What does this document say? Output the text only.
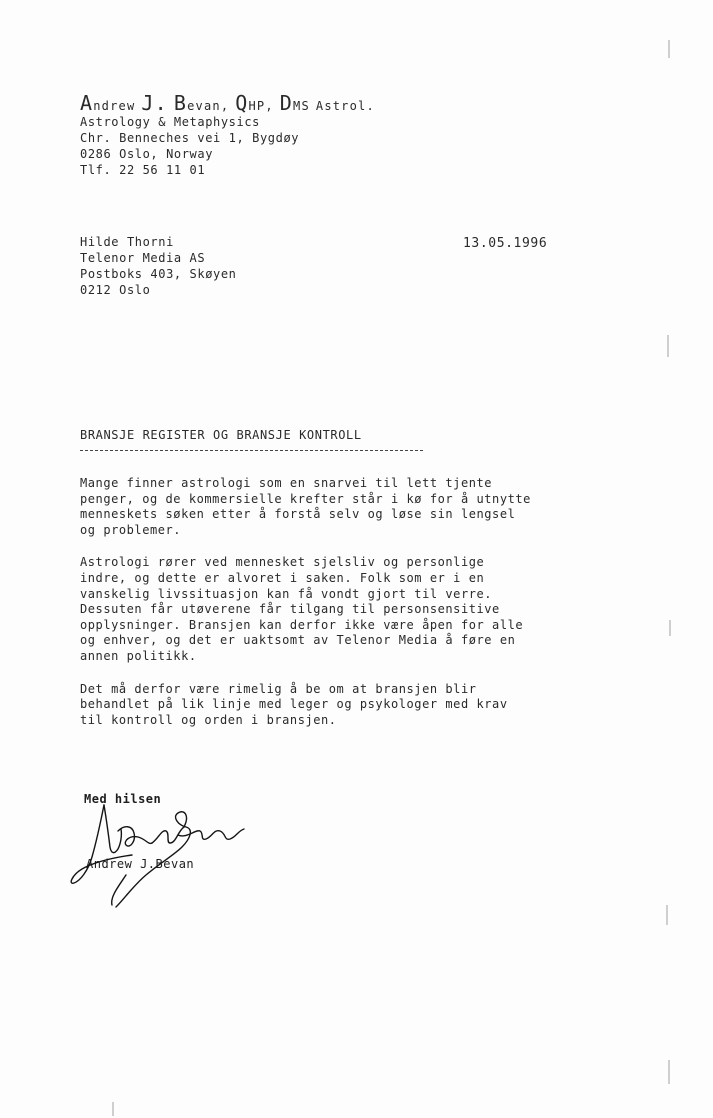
A ndrew J . B evan, Q HP, D MS Astrol.
Astrology & Metaphysics
Chr. Benneches vei 1, Bygdøy
0286 Oslo, Norway
Tlf. 22 56 11 01
Hilde Thorni
Telenor Media AS
Postboks 403, Skøyen
0212 Oslo
13.05.1996
BRANSJE REGISTER OG BRANSJE KONTROLL
Mange finner astrologi som en snarvei til lett tjente
penger, og de kommersielle krefter står i kø for å utnytte
menneskets søken etter å forstå selv og løse sin lengsel
og problemer.
Astrologi rører ved mennesket sjelsliv og personlige
indre, og dette er alvoret i saken. Folk som er i en
vanskelig livssituasjon kan få vondt gjort til verre.
Dessuten får utøverene får tilgang til personsensitive
opplysninger. Bransjen kan derfor ikke være åpen for alle
og enhver, og det er uaktsomt av Telenor Media å føre en
annen politikk.
Det må derfor være rimelig å be om at bransjen blir
behandlet på lik linje med leger og psykologer med krav
til kontroll og orden i bransjen.
Med hilsen
Andrew J.Bevan
